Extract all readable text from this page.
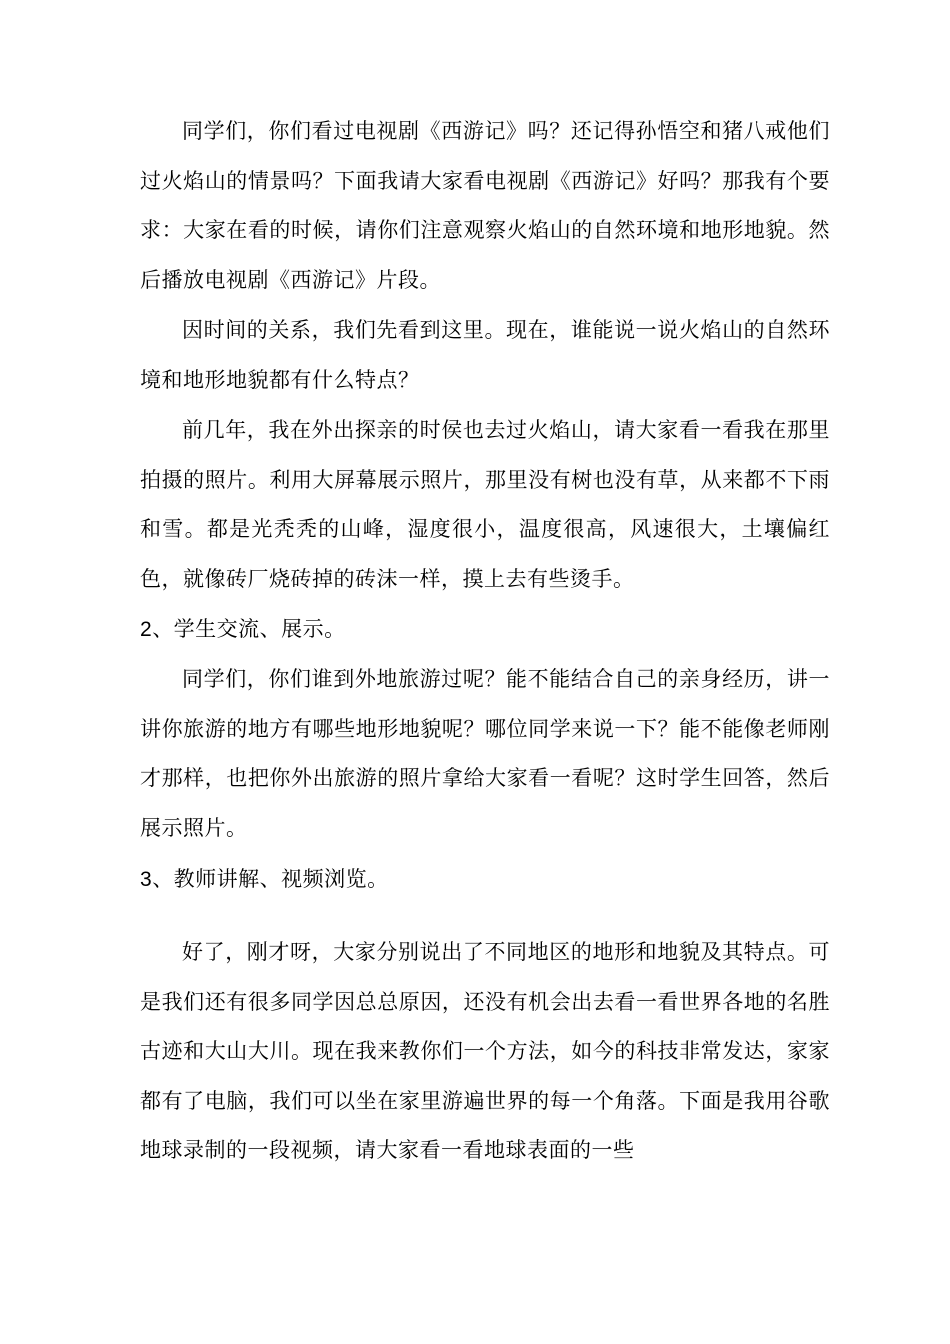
同学们，你们看过电视剧《西游记》吗？还记得孙悟空和猪八戒他们过火焰山的情景吗？下面我请大家看电视剧《西游记》好吗？那我有个要求：大家在看的时候，请你们注意观察火焰山的自然环境和地形地貌。然后播放电视剧《西游记》片段。

因时间的关系，我们先看到这里。现在，谁能说一说火焰山的自然环境和地形地貌都有什么特点？

前几年，我在外出探亲的时侯也去过火焰山，请大家看一看我在那里拍摄的照片。利用大屏幕展示照片，那里没有树也没有草，从来都不下雨和雪。都是光秃秃的山峰，湿度很小，温度很高，风速很大，土壤偏红色，就像砖厂烧砖掉的砖沫一样，摸上去有些烫手。

2、学生交流、展示。

同学们，你们谁到外地旅游过呢？能不能结合自己的亲身经历，讲一讲你旅游的地方有哪些地形地貌呢？哪位同学来说一下？能不能像老师刚才那样，也把你外出旅游的照片拿给大家看一看呢？这时学生回答，然后展示照片。

3、教师讲解、视频浏览。

好了，刚才呀，大家分别说出了不同地区的地形和地貌及其特点。可是我们还有很多同学因总总原因，还没有机会出去看一看世界各地的名胜古迹和大山大川。现在我来教你们一个方法，如今的科技非常发达，家家都有了电脑，我们可以坐在家里游遍世界的每一个角落。下面是我用谷歌地球录制的一段视频，请大家看一看地球表面的一些
